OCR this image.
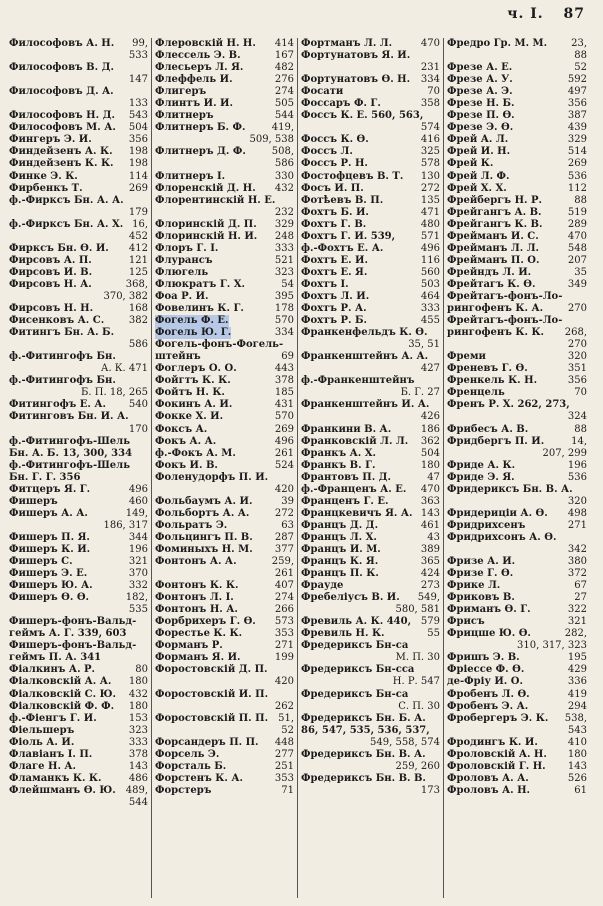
ч. I. 87
Философовъ А. Н. 99,
533
Философовъ В. Д.
147
Философовъ Д. А.
133
Философовъ Н. Д. 543
Философовъ М. А. 504
Фингеръ Э. И.	356
Финдейзенъ А. К. 198
Финдейзенъ К. К. 198
Финке Э. К.	114
Фирбенкъ Т.	269
ф.-Фиркcъ Бн. А. А.
179
ф.-Фирксъ Бн. А. Х. 16,
452
Фирксъ Бн. Ѳ. И. 412
Фирсовъ А. П.	121
Фирсовъ И. В.	125
Фирсовъ Н. А.	368,
370, 382
Фирсовъ Н. Н.	168
Фисенковъ А. С. 382
Фитингъ Бн. А. Б.
586
ф.-Фитингофъ Бн.
А. К. 471
ф.-Фитингофъ Бн.
Б. П. 18, 265
Фитингофъ Е. А. 540
Фитинговъ Бн. И. А.
170
ф.-Фитингофъ-Шель
Бн. А. Б. 13, 300, 334
ф.-Фитингофъ-Шель
Бн. Г. Г. 356
Фитцеръ Я. Г.	496
Фишеръ	460
Фишеръ А. А.	149,
186, 317
Фишеръ П. Я.	344
Фишеръ К. И.	196
Фишеръ С.	321
Фишеръ Э. Е.	370
Фишеръ Ю. А.	332
Фишеръ Ѳ. Ѳ.	182,
535
Фишеръ-фонъ-Вальд-
геймъ А. Г. 339, 603
Фишеръ-фонъ-Вальд-
геймъ П. А. 341
Фіалкинъ А. Р.	80
Фіалковскій А. А. 180
Фіалковскій С. Ю. 432
Фіалковскій Ф. Ф. 180
ф.-Фіенгъ Г. И.	153
Фіельшеръ	323
Фіоль А. И.	333
Флавіанъ І. П.	378
Флаге Н. А.	143
Фламанкъ К. К.	486
Флейшманъ Ѳ. Ю. 489,
544
Флеровскій Н. Н. 414
Флессель Э. В.	167
Флесьеръ Л. Я.	482
Флеффель И.	276
Флигеръ	274
Флинтъ И. И.	505
Флитнеръ	544
Флитнеръ Б. Ф.	419,
509, 538
Флитнеръ Д. Ф.	508,
586
Флитнеръ І.	330
Флоренскій Д. Н. 432
Флорентинскій Н. Е.
232
Флоринскій Д. П. 329
Флоринскій Н. И. 248
Флоръ Г. І.	333
Флурансъ	521
Флюгель	323
Флюкратъ Г. Х.	54
Фоа Р. И.	395
Фовелинъ К. Г.	178
Фогель Ф. Е.	570
Фогель Ю. Г.	334
Фогель-фонъ-Фогель-
штейнъ	69
Фоглеръ О. О.	443
Фойгтъ К. К.	378
Фойтъ Н. К.	185
Фокинъ А. И.	431
Фокке Х. И.	570
Фоксъ А.	269
Фокъ А. А.	496
ф.-Фокъ А. М.	261
Фокъ И. В.	524
Фоленудорфъ П. И.
420
Фольбаумъ А. И.	39
Фольбортъ А. А.	272
Фольратъ Э.	63
Фольцингъ П. В. 287
Фоминыхъ Н. М. 377
Фонтонъ А. А.	259,
261
Фонтонъ К. К.	407
Фонтонъ Л. І.	274
Фонтонъ Н. А.	266
Форбрихеръ Г. Ѳ. 573
Форестье К. К.	353
Форманъ Р.	271
Форманъ Я. И.	199
Форостовскій Д. П.
420
Форостовскій И. П.
262
Форостовскій П. П. 51,
52
Форсандеръ П. П. 448
Форсель Э.	277
Форсталь Б.	251
Форстенъ К. А.	353
Форстеръ	71
Фортманъ Л. Л.	470
Фортунатовъ Я. И.
231
Фортунатовъ Ѳ. Н. 334
Фосати	70
Фоссаръ Ф. Г.	358
Фоссъ К. Е. 560, 563,
574
Фоссъ К. Ѳ.	416
Фоссъ Л.	325
Фоссъ Р. Н.	578
Фостофцевъ В. Т. 130
Фосъ И. П.	272
Фотѣевъ В. П.	135
Фохтъ Б. И.	471
Фохтъ Г. В.	480
Фохтъ Г. И. 539,	571
ф.-Фохтъ Е. А.	496
Фохтъ Е. И.	116
Фохтъ Е. Я.	560
Фохтъ І.	503
Фохтъ Л. И.	464
Фохтъ Р. А.	333
Фохтъ Р. Б.	455
Франкенфельдъ К. Ѳ.
35, 51
Франкенштейнъ А. А.
427
ф.-Франкенштейнъ
Б. Г. 27
Франкенштейнъ И. А.
426
Франкини В. А.	186
Франковскій Л. Л. 362
Франкъ А. Х.	504
Франкъ В. Г.	180
Франтовъ П. Д.	47
ф.-Франценъ А. Е. 470
Франценъ Г. Е.	363
Францкевичъ Я. А. 143
Францъ Д. Д.	461
Францъ Л. Х.	43
Францъ И. М.	389
Францъ К. Я.	365
Францъ П. К.	424
Фрауде	273
Фребеліусъ В. И. 549,
580, 581
Фревиль А. К. 440, 579
Фревиль Н. К.	55
Фредериксъ Бн-са
М. П. 30
Фредериксъ Бн-сса
Н. Р. 547
Фредериксъ Бн-са
С. П. 30
Фредериксъ Бн. Б. А.
86, 547, 535, 536, 537,
549, 558, 574
Фредериксъ Бн. В. А.
259, 260
Фредериксъ Бн. В. В.
173
Фредро Гр. М. М. 23,
88
Фрезе А. Е.	52
Фрезе А. У.	592
Фрезе А. Э.	497
Фрезе Н. Б.	356
Фрезе П. Ѳ.	387
Фрезе Э. Ѳ.	439
Фрей А. Л.	329
Фрей И. Н.	514
Фрей К.	269
Фрей Л. Ф.	536
Фрей Х. Х.	112
Фрейбергъ Н. Р.	88
Фрейгангъ А. В.	519
Фрейгангъ К. В.	289
Фрейманъ И. С.	470
Фрейманъ Л. Л.	548
Фрейманъ П. О.	207
Фрейндъ Л. И.	35
Фрейтагъ К. Ѳ.	349
Фрейтагъ-фонъ-Ло-
рингофенъ К. А. 270
Фрейтагъ-фонъ-Ло-
рингофенъ К. К. 268,
270
Фреми	320
Френевъ Г. Ѳ.	351
Френкель К. Н.	356
Френцель	70
Френъ Р. Х. 262, 273,
324
Фрибесъ А. В.	88
Фридбергъ П. И.	14,
207, 299
Фриде А. К.	196
Фриде Э. Я.	536
Фридериксъ Бн. В. А.
320
Фридериціи А. Ѳ. 498
Фридрихсенъ	271
Фридрихсонъ А. Ѳ.
342
Фризе А. И.	380
Фризе Г. Ѳ.	372
Фрике Л.	67
Фриковъ В.	27
Фриманъ Ѳ. Г.	322
Фрисъ	321
Фрицше Ю. Ѳ.	282,
310, 317, 323
Фришъ Э. В.	195
Фріессе Ф. Ѳ.	429
де-Фріу И. О.	336
Фробенъ Л. Ѳ.	419
Фробенъ Э. А.	294
Фробергеръ Э. К. 538,
543
Фродингъ К. И.	410
Фроловскій А. Н. 180
Фроловскій Г. Н. 143
Фроловъ А. А.	526
Фроловъ А. Н.	61
